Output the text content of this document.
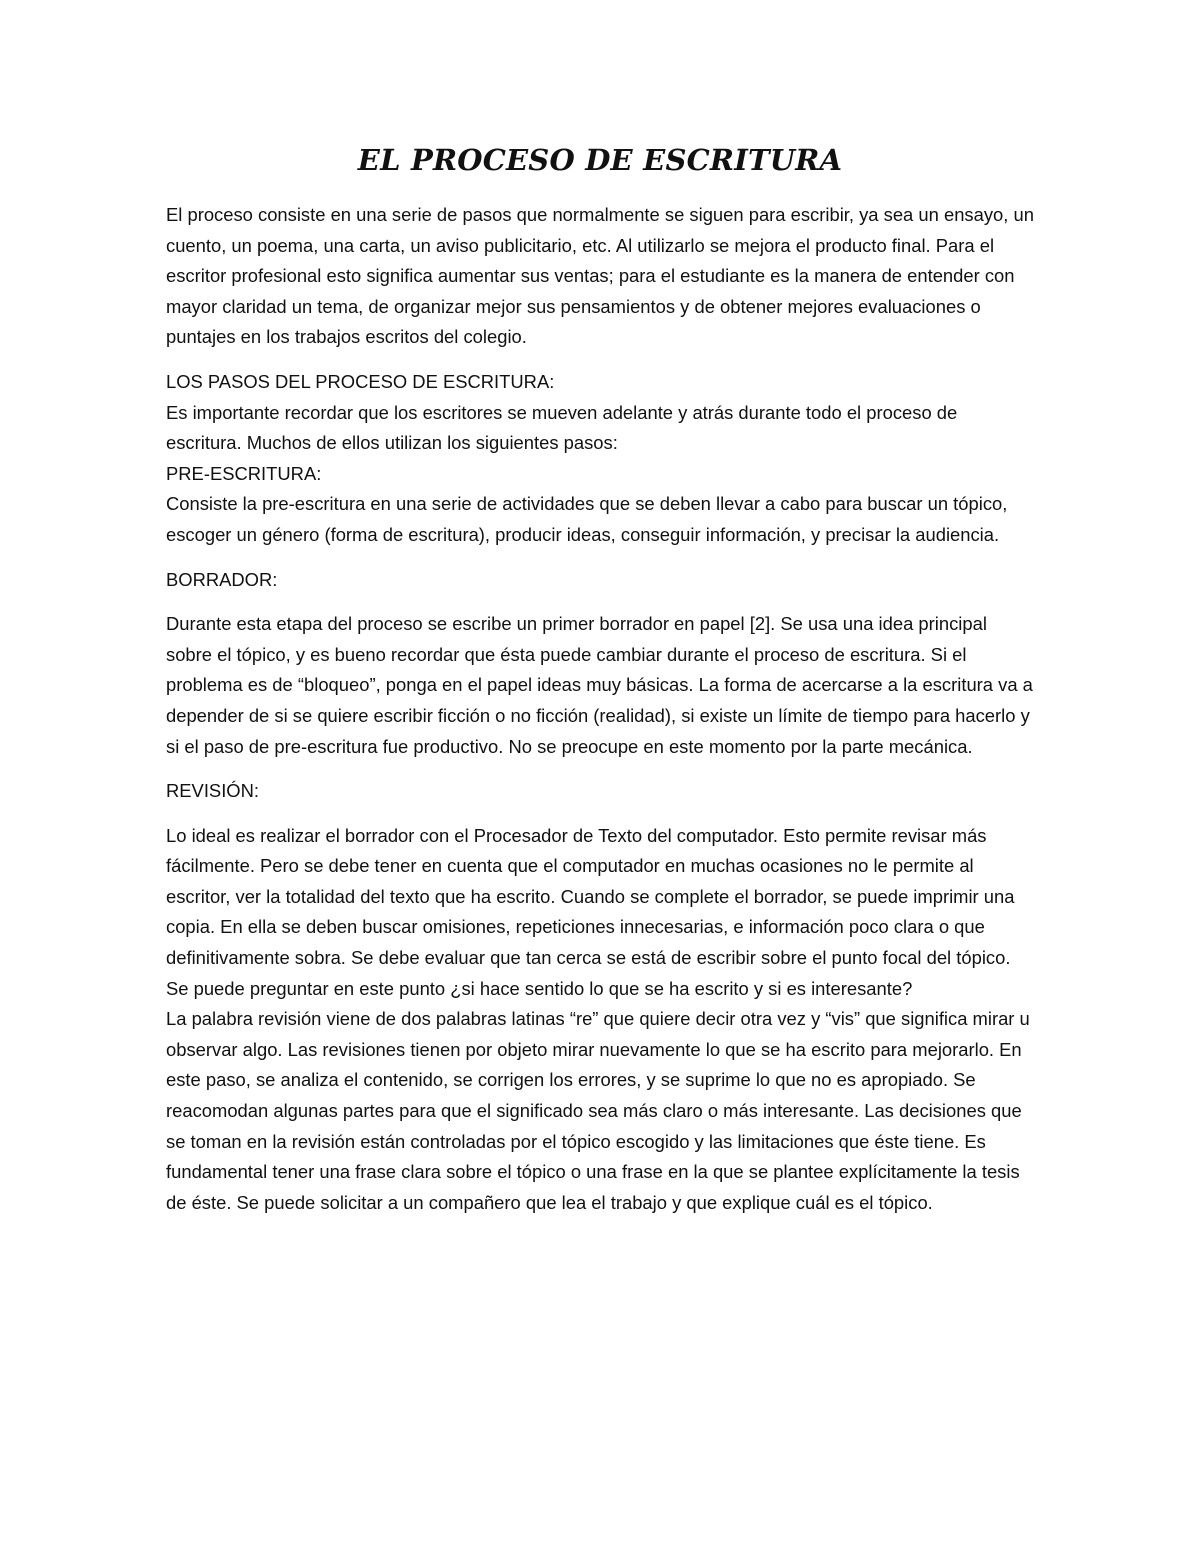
EL PROCESO DE ESCRITURA

El proceso consiste en una serie de pasos que normalmente se siguen para escribir, ya sea un ensayo, un cuento, un poema, una carta, un aviso publicitario, etc. Al utilizarlo se mejora el producto final. Para el escritor profesional esto significa aumentar sus ventas; para el estudiante es la manera de entender con mayor claridad un tema, de organizar mejor sus pensamientos y de obtener mejores evaluaciones o puntajes en los trabajos escritos del colegio.

LOS PASOS DEL PROCESO DE ESCRITURA:

Es importante recordar que los escritores se mueven adelante y atrás durante todo el proceso de escritura. Muchos de ellos utilizan los siguientes pasos:

PRE-ESCRITURA:

Consiste la pre-escritura en una serie de actividades que se deben llevar a cabo para buscar un tópico, escoger un género (forma de escritura), producir ideas, conseguir información, y precisar la audiencia.

BORRADOR:

Durante esta etapa del proceso se escribe un primer borrador en papel [2]. Se usa una idea principal sobre el tópico, y es bueno recordar que ésta puede cambiar durante el proceso de escritura. Si el problema es de “bloqueo”, ponga en el papel ideas muy básicas. La forma de acercarse a la escritura va a depender de si se quiere escribir ficción o no ficción (realidad), si existe un límite de tiempo para hacerlo y si el paso de pre-escritura fue productivo. No se preocupe en este momento por la parte mecánica.

REVISIÓN:

Lo ideal es realizar el borrador con el Procesador de Texto del computador. Esto permite revisar más fácilmente. Pero se debe tener en cuenta que el computador en muchas ocasiones no le permite al escritor, ver la totalidad del texto que ha escrito. Cuando se complete el borrador, se puede imprimir una copia. En ella se deben buscar omisiones, repeticiones innecesarias, e información poco clara o que definitivamente sobra. Se debe evaluar que tan cerca se está de escribir sobre el punto focal del tópico. Se puede preguntar en este punto ¿si hace sentido lo que se ha escrito y si es interesante?

La palabra revisión viene de dos palabras latinas “re” que quiere decir otra vez y “vis” que significa mirar u observar algo. Las revisiones tienen por objeto mirar nuevamente lo que se ha escrito para mejorarlo. En este paso, se analiza el contenido, se corrigen los errores, y se suprime lo que no es apropiado. Se reacomodan algunas partes para que el significado sea más claro o más interesante. Las decisiones que se toman en la revisión están controladas por el tópico escogido y las limitaciones que éste tiene. Es fundamental tener una frase clara sobre el tópico o una frase en la que se plantee explícitamente la tesis de éste. Se puede solicitar a un compañero que lea el trabajo y que explique cuál es el tópico.
